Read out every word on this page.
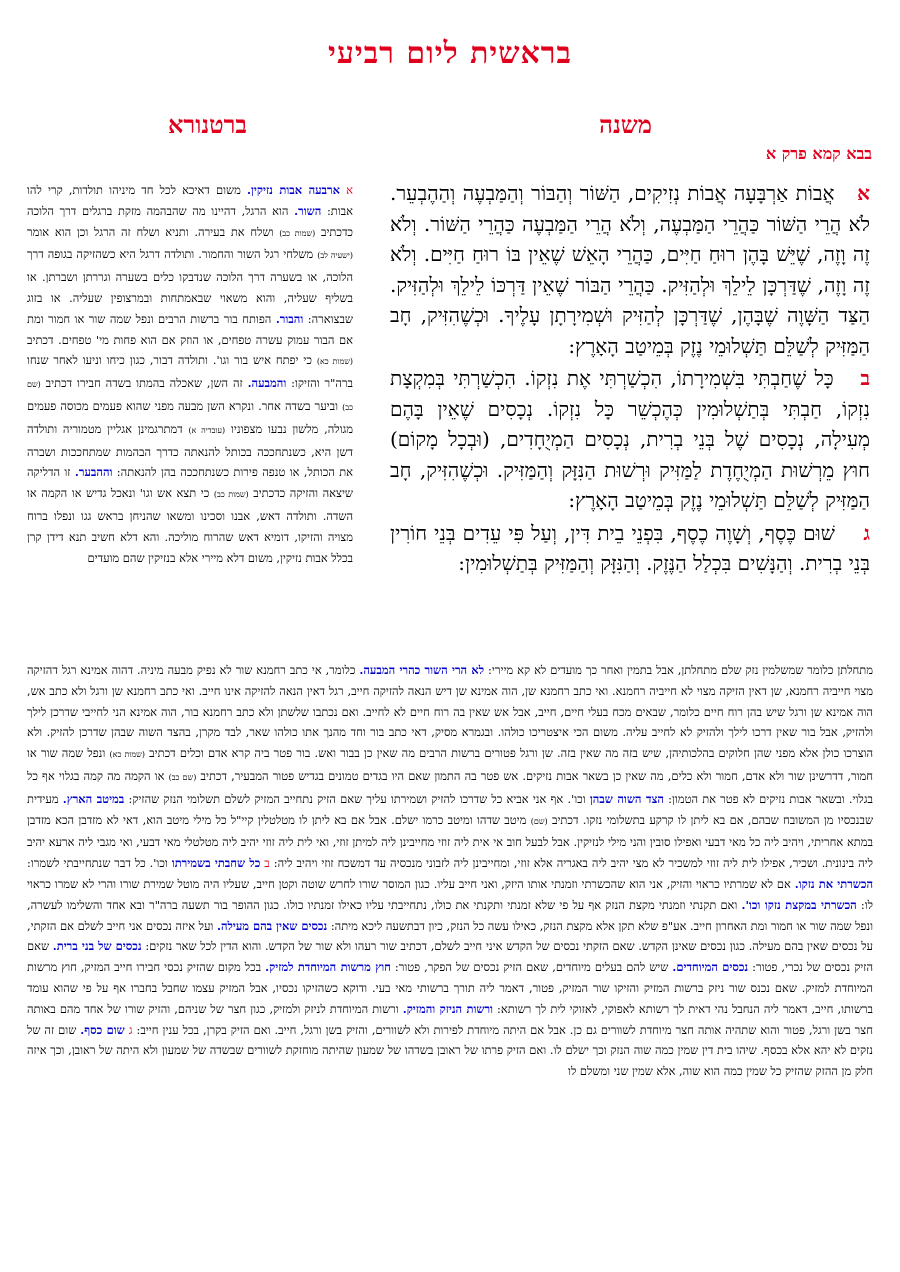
בראשית ליום רביעי
משנה
ברטנורא
בבא קמא פרק א

א אֲבוֹת אַרְבָּעָה אֲבוֹת נְזִיקִים, הַשּׁוֹר וְהַבּוֹר וְהַמַּבְעֶה וְהַהֶבְעֵר. לֹא הֲרֵי הַשּׁוֹר כַּהֲרֵי הַמַּבְעֶה, וְלֹא הֲרֵי הַמַּבְעֶה כַּהֲרֵי הַשּׁוֹר. וְלֹא זֶה וָזֶה, שֶׁיֵּשׁ בָּהֶן רוּחַ חַיִּים, כַּהֲרֵי הָאֵשׁ שֶׁאֵין בּוֹ רוּחַ חַיִּים. וְלֹא זֶה וָזֶה, שֶׁדַּרְכָּן לֵילֵךְ וּלְהַזִּיק. כַּהֲרֵי הַבּוֹר שֶׁאֵין דַּרְכּוֹ לֵילֵךְ וּלְהַזִּיק. הַצַּד הַשָּׁוֶה שֶׁבָּהֶן, שֶׁדַּרְכָּן לְהַזִּיק וּשְׁמִירָתָן עָלֶיךָ. וּכְשֶׁהִזִּיק, חָב הַמַּזִּיק לְשַׁלֵּם תַּשְׁלוּמֵי נֶזֶק בְּמֵיטַב הָאָרֶץ:

ב כָּל שֶׁחַבְתִּי בִּשְׁמִירָתוֹ, הִכְשַׁרְתִּי אֶת נִזְקוֹ. הִכְשַׁרְתִּי בְּמִקְצָת נִזְקוֹ, חַבְתִּי בְּתַשְׁלוּמִין כְּהֶכְשֵׁר כָּל נִזְקוֹ. נְכָסִים שֶׁאֵין בָּהֶם מְעִילָה, נְכָסִים שֶׁל בְּנֵי בְרִית, נְכָסִים הַמְיֻחָדִים, (וּבְכָל מָקוֹם) חוּץ מֵרְשׁוּת הַמְיֻחֶדֶת לַמַּזִּיק וּרְשׁוּת הַנִּזָּק וְהַמַּזִּיק. וּכְשֶׁהִזִּיק, חָב הַמַּזִּיק לְשַׁלֵּם תַּשְׁלוּמֵי נֶזֶק בְּמֵיטַב הָאָרֶץ:

ג שׁוּם כֶּסֶף, וְשָׁוֶה כֶסֶף, בִּפְנֵי בֵית דִּין, וְעַל פִּי עֵדִים בְּנֵי חוֹרִין בְּנֵי בְרִית. וְהַנָּשִׁים בִּכְלַל הַנֶּזֶק. וְהַנִּזָּק וְהַמַּזִּיק בְּתַשְׁלוּמִין:

א ארבעה אבות נזיקין. משום דאיכא לכל חד מיניהו תולדות, קרי להו אבות: השור. הוא הרגל, דהיינו מה שהבהמה מזקת ברגלים דרך הלוכה כדכתיב (שמות כב) ושלח את בעירה. ותניא ושלח זה הרגל וכן הוא אומר (ישעיה לב) משלחי רגל השור והחמור. ותולדה דרגל היא כשהזיקה בגופה דרך הלוכה, או בשערה דרך הלוכה שנדבקו כלים בשערה וגררתן ושברתן. או בשליף שעליה, והוא משאוי שבאמתחות ובמרצופין שעליה. או בזוג שבצוארה: והבור. הפותח בור ברשות הרבים ונפל שמה שור או חמור ומת אם הבור עמוק עשרה טפחים, או הוזק אם הוא פחות מי' טפחים. דכתיב (שמות כא) כי יפתח איש בור וגו'. ותולדה דבור, כגון כיחו וניעו לאחר שנחו ברה"ר והזיקו: והמבעה. זה השן, שאכלה בהמתו בשדה חבירו דכתיב (שם כב) וביער בשדה אחר. ונקרא השן מבעה מפני שהוא פעמים מכוסה פעמים מגולה, מלשון נבעו מצפוניו (עובדיה א) דמתרגמינן אגליין מטמוריה ותולדה דשן היא, כשנתחככה בכותל להנאתה כדרך הבהמות שמתחככות ושברה את הכותל, או טנפה פירות כשנתחככה בהן להנאתה: וההבער. זו הדליקה שיצאה והזיקה כדכתיב (שמות כב) כי תצא אש וגו' ונאכל גדיש או הקמה או השדה. ותולדה דאש, אבנו וסכינו ומשאו שהניחן בראש גגו ונפלו ברוח מצויה והזיקו, דומיא דאש שהרוח מוליכה. והא דלא חשיב תנא דידן קרן בכלל אבות נזיקין, משום דלא מיירי אלא בנזיקין שהם מועדים
מתחלתן כלומר שמשלמין נזק שלם מתחלתן, אבל בתמין ואחר כך מועדים לא קא מיירי: לא הרי השור כהרי המבעה. כלומר, אי כתב רחמנא שור לא נפיק מבעה מיניה. דהוה אמינא רגל דהזיקה מצוי חייביה רחמנא, שן דאין הזיקה מצוי לא חייביה רחמנא. ואי כתב רחמנא שן, הוה אמינא שן דיש הנאה להזיקה חייב, רגל דאין הנאה להזיקה אינו חייב. ואי כתב רחמנא שן ורגל ולא כתב אש, הוה אמינא שן ורגל שיש בהן רוח חיים כלומר, שבאים מכח בעלי חיים, חייב, אבל אש שאין בה רוח חיים לא לחייב. ואם נכתבו שלשתן ולא כתב רחמנא בור, הוה אמינא הני לחייבי שדרכן לילך ולהזיק, אבל בור שאין דרכו לילך ולהזיק לא לחייב עליה. משום הכי איצטריכו כולהו. ובגמרא מסיק, דאי כתב בור וחד מהנך אתו כולהו שאר, לבד מקרן, בהצד השוה שבהן שדרכן להזיק. ולא הוצרכו כולן אלא מפני שהן חלוקים בהלכותיהן, שיש בזה מה שאין בזה. שן ורגל פטורים ברשות הרבים מה שאין כן בבור ואש. בור פטר ביה קרא אדם וכלים דכתיב (שמות כא) ונפל שמה שור או חמור, דדרשינן שור ולא אדם, חמור ולא כלים, מה שאין כן בשאר אבות נזיקים. אש פטר בה התמון שאם היו בגדים טמונים בגדיש פטור המבעיר, דכתיב (שם כב) או הקמה מה קמה בגלוי אף כל בגלוי. ובשאר אבות נזיקים לא פטר את הטמון: הצד השוה שבהן וכו'. אף אני אביא כל שדרכו להזיק ושמירתו עליך שאם הזיק נתחייב המזיק לשלם תשלומי הנזק שהזיק: במיטב הארץ. מעידית שבנכסיו מן המשובח שבהם, אם בא ליתן לו קרקע בתשלומי נזקו. דכתיב (שם) מיטב שדהו ומיטב כרמו ישלם. אבל אם בא ליתן לו מטלטלין קיי"ל כל מילי מיטב הוא, דאי לא מזדבן הכא מזדבן במתא אחריתי, ויהיב ליה כל מאי דבעי ואפילו סובין והני מילי לנזיקין. אבל לבעל חוב אי אית ליה זוזי מחייבינן ליה למיתן זוזי, ואי לית ליה זוזי יהיב ליה מטלטלי מאי דבעי, ואי מגבי ליה ארעא יהיב ליה בינונית. ושכיר, אפילו לית ליה זוזי למשכיר לא מצי יהיב ליה באגריה אלא זוזי, ומחייבינן ליה לזבוני מנכסיה עד דמשכח זוזי ויהיב ליה: ב כל שחבתי בשמירתו וכו'. כל דבר שנתחייבתי לשמרו: הכשרתי את נזקו. אם לא שמרתיו כראוי והזיק, אני הוא שהכשרתי וזמנתי אותו היזק, ואני חייב עליו. כגון המוסר שורו לחרש שוטה וקטן חייב, שעליו היה מוטל שמירת שורו והרי לא שמרו כראוי לו: הכשרתי במקצת נזקו וכו'. ואם תקנתי וזמנתי מקצת הנזק אף על פי שלא זמנתי ותקנתי את כולו, נתחייבתי עליו כאילו זמנתיו כולו. כגון ההופר בור תשעה ברה"ר ובא אחד והשלימו לעשרה, ונפל שמה שור או חמור ומת האחרון חייב. אע"פ שלא תקן אלא מקצת הנזק, כאילו עשה כל הנזק, כיון דבתשעה ליכא מיתה: נכסים שאין בהם מעילה. ועל איזה נכסים אני חייב לשלם אם הזקתי, על נכסים שאין בהם מעילה. כגון נכסים שאינן הקדש. שאם הזקתי נכסים של הקדש איני חייב לשלם, דכתיב שור רעהו ולא שור של הקדש. והוא הדין לכל שאר נזקים: נכסים של בני ברית. שאם הזיק נכסים של נכרי, פטור: נכסים המיוחדים. שיש להם בעלים מיוחדים, שאם הזיק נכסים של הפקר, פטור: חוץ מרשות המיוחדת למזיק. בכל מקום שהזיק נכסי חבירו חייב המזיק, חוץ מרשות המיוחדת למזיק. שאם נכנס שור ניזק ברשות המזיק והזיקו שור המזיק, פטור, דאמר ליה תורך ברשותי מאי בעי. ודוקא כשהזיקו נכסיו, אבל המזיק עצמו שחבל בחברו אף על פי שהוא עומד ברשותו, חייב, דאמר ליה הנחבל נהי דאית לך רשותא לאפוקי, לאזוקי לית לך רשותא: ורשות הניזק והמזיק. ורשות המיוחדת לניזק ולמזיק, כגון חצר של שניהם, והזיק שורו של אחד מהם באותה חצר בשן ורגל, פטור והוא שתהיה אותה חצר מיוחדת לשוורים גם כן. אבל אם היתה מיוחדת לפירות ולא לשוורים, והזיק בשן ורגל, חייב. ואם הזיק בקרן, בכל ענין חייב: ג שום כסף. שום זה של נזקים לא יהא אלא בכסף. שיהו בית דין שמין כמה שוה הנזק וכך ישלם לו. ואם הזיק פרתו של ראובן בשדהו של שמעון שהיתה מוחזקת לשוורים שבשדה של שמעון ולא היתה של ראובן, וכך איזה חלק מן ההזק שהזיק כל שמין כמה הוא שוה, אלא שמין שני ומשלם לו
